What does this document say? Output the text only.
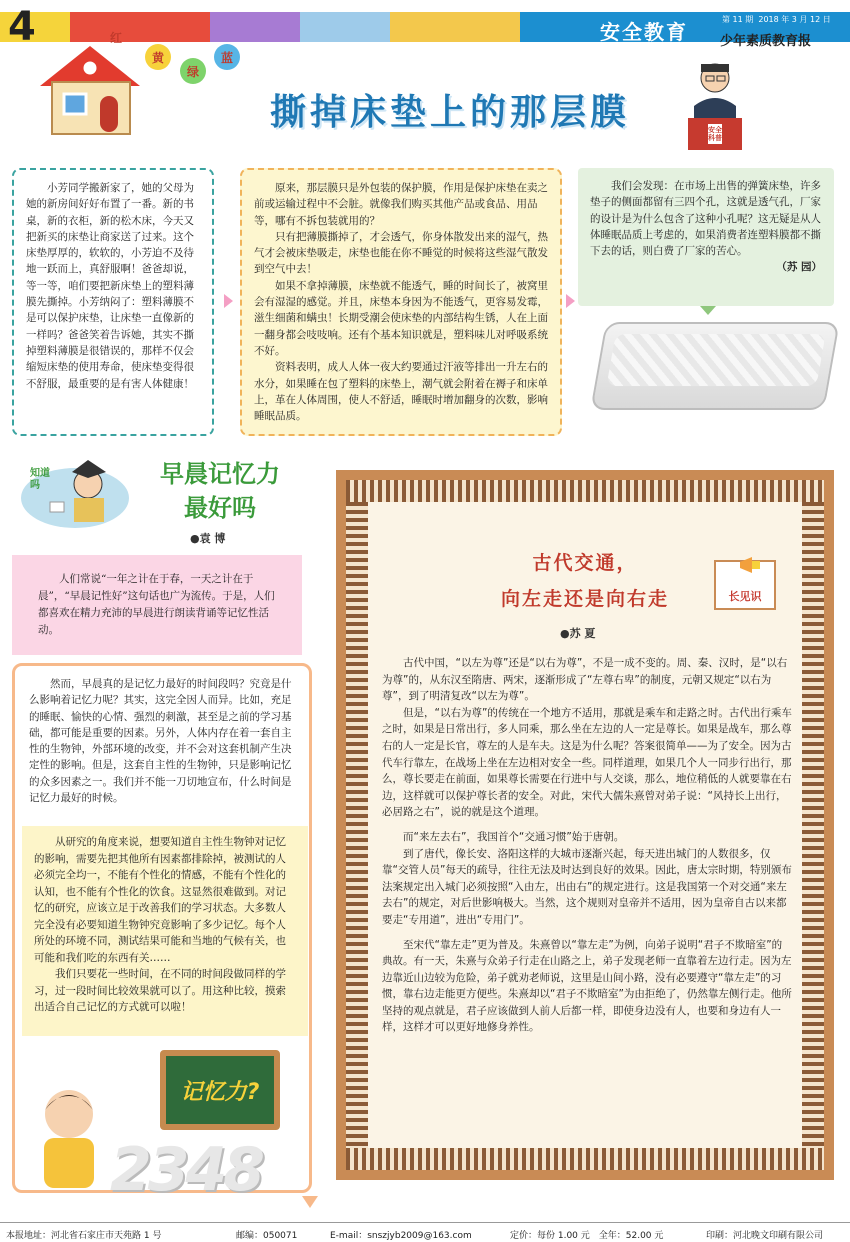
4	红
黄
绿
蓝
安全教育
第 11 期 2018 年 3 月 12 日
少年素质教育报
撕掉床垫上的那层膜	安全科普

小芳同学搬新家了，她的父母为她的新房间好好布置了一番。新的书桌，新的衣柜，新的松木床，今天又把新买的床垫让商家送了过来。这个床垫厚厚的，软软的，小芳迫不及待地一跃而上，真舒服啊！爸爸却说，等一等，咱们要把新床垫上的塑料薄膜先撕掉。小芳纳闷了：塑料薄膜不是可以保护床垫，让床垫一直像新的一样吗？爸爸笑着告诉她，其实不撕掉塑料薄膜是很错误的，那样不仅会缩短床垫的使用寿命，使床垫变得很不舒服，最重要的是有害人体健康！

原来，那层膜只是外包装的保护膜，作用是保护床垫在卖之前或运输过程中不会脏。就像我们购买其他产品或食品、用品等，哪有不拆包装就用的？

只有把薄膜撕掉了，才会透气，你身体散发出来的湿气，热气才会被床垫吸走，床垫也能在你不睡觉的时候将这些湿气散发到空气中去！

如果不拿掉薄膜，床垫就不能透气，睡的时间长了，被窝里会有湿湿的感觉。并且，床垫本身因为不能透气，更容易发霉，滋生细菌和螨虫！长期受潮会使床垫的内部结构生锈，人在上面一翻身都会吱吱响。还有个基本知识就是，塑料味儿对呼吸系统不好。

资料表明，成人人体一夜大约要通过汗液等排出一升左右的水分，如果睡在包了塑料的床垫上，潮气就会附着在褥子和床单上，革在人体周围，使人不舒适，睡眠时增加翻身的次数，影响睡眠品质。

我们会发现：在市场上出售的弹簧床垫，许多垫子的侧面都留有三四个孔，这就是透气孔，厂家的设计是为什么包含了这种小孔呢？这无疑是从人体睡眠品质上考虑的，如果消费者连塑料膜都不撕下去的话，则白费了厂家的苦心。

（苏 园）

知道吗	早晨记忆力
最好吗
●袁 博

人们常说“一年之计在于春，一天之计在于晨”，“早晨记性好”这句话也广为流传。于是，人们都喜欢在精力充沛的早晨进行朗读背诵等记忆性活动。

然而，早晨真的是记忆力最好的时间段吗？究竟是什么影响着记忆力呢？其实，这完全因人而异。比如，充足的睡眠、愉快的心情、强烈的刺激，甚至是之前的学习基础，都可能是重要的因素。另外，人体内存在着一套自主性的生物钟，外部环境的改变，并不会对这套机制产生决定性的影响。但是，这套自主性的生物钟，只是影响记忆的众多因素之一。我们并不能一刀切地宣布，什么时间是记忆力最好的时候。

从研究的角度来说，想要知道自主性生物钟对记忆的影响，需要先把其他所有因素都排除掉，被测试的人必须完全均一，不能有个性化的情感，不能有个性化的认知，也不能有个性化的饮食。这显然很难做到。对记忆的研究，应该立足于改善我们的学习状态。大多数人完全没有必要知道生物钟究竟影响了多少记忆。每个人所处的环境不同，测试结果可能和当地的气候有关，也可能和我们吃的东西有关……

我们只要花一些时间，在不同的时间段做同样的学习，过一段时间比较效果就可以了。用这种比较，摸索出适合自己记忆的方式就可以啦！

记忆力?
2348
古代交通，
向左走还是向右走	长见识
●苏 夏

古代中国，“以左为尊”还是“以右为尊”，不是一成不变的。周、秦、汉时，是“以右为尊”的，从东汉至隋唐、两宋，逐渐形成了“左尊右卑”的制度，元朝又规定“以右为尊”，到了明清复改“以左为尊”。

但是，“以右为尊”的传统在一个地方不适用，那就是乘车和走路之时。古代出行乘车之时，如果是日常出行，多人同乘，那么坐在左边的人一定是尊长。如果是战车，那么尊右的人一定是长官，尊左的人是车夫。这是为什么呢？答案很简单——为了安全。因为古代车行靠左，在战场上坐在左边相对安全一些。同样道理，如果几个人一同步行出行，那么，尊长要走在前面，如果尊长需要在行进中与人交谈，那么，地位稍低的人就要靠在右边，这样就可以保护尊长者的安全。对此，宋代大儒朱熹曾对弟子说：“风持长上出行，必居路之右”，说的就是这个道理。

而“来左去右”，我国首个“交通习惯”始于唐朝。

到了唐代，像长安、洛阳这样的大城市逐渐兴起，每天进出城门的人数很多，仅靠“交管人员”每天的疏导，往往无法及时达到良好的效果。因此，唐太宗时期，特别颁布法案规定出入城门必须按照“入由左，出由右”的规定进行。这是我国第一个对交通“来左去右”的规定，对后世影响极大。当然，这个规则对皇帝并不适用，因为皇帝自古以来都要走“专用道”，进出“专用门”。

至宋代“靠左走”更为普及。朱熹曾以“靠左走”为例，向弟子说明“君子不欺暗室”的典故。有一天，朱熹与众弟子行走在山路之上，弟子发现老师一直靠着左边行走。因为左边靠近山边较为危险，弟子就劝老师说，这里是山间小路，没有必要遵守“靠左走”的习惯，靠右边走能更方便些。朱熹却以“君子不欺暗室”为由拒绝了，仍然靠左侧行走。他所坚持的观点就是，君子应该做到人前人后都一样，即使身边没有人，也要和身边有人一样，这样才可以更好地修身养性。

本报地址：河北省石家庄市天苑路 1 号	邮编：050071	E-mail：snszjyb2009@163.com	定价：每份 1.00 元　全年：52.00 元	印刷：河北晚文印刷有限公司
